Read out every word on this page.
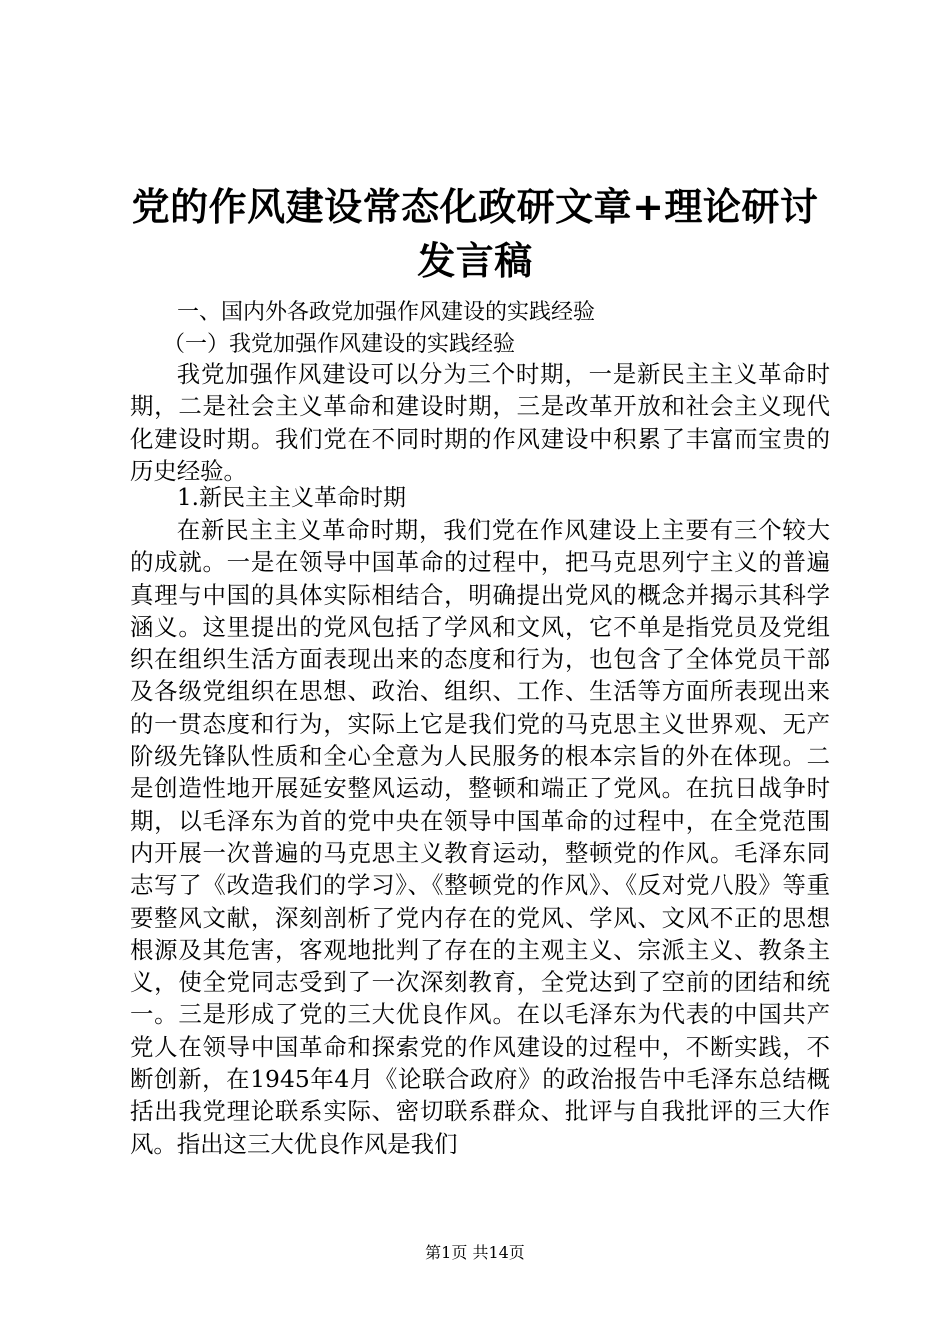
党的作风建设常态化政研文章+理论研讨发言稿
一、国内外各政党加强作风建设的实践经验
（一）我党加强作风建设的实践经验
我党加强作风建设可以分为三个时期，一是新民主主义革命时期，二是社会主义革命和建设时期，三是改革开放和社会主义现代化建设时期。我们党在不同时期的作风建设中积累了丰富而宝贵的历史经验。
1.新民主主义革命时期
在新民主主义革命时期，我们党在作风建设上主要有三个较大的成就。一是在领导中国革命的过程中，把马克思列宁主义的普遍真理与中国的具体实际相结合，明确提出党风的概念并揭示其科学涵义。这里提出的党风包括了学风和文风，它不单是指党员及党组织在组织生活方面表现出来的态度和行为，也包含了全体党员干部及各级党组织在思想、政治、组织、工作、生活等方面所表现出来的一贯态度和行为，实际上它是我们党的马克思主义世界观、无产阶级先锋队性质和全心全意为人民服务的根本宗旨的外在体现。二是创造性地开展延安整风运动，整顿和端正了党风。在抗日战争时期，以毛泽东为首的党中央在领导中国革命的过程中，在全党范围内开展一次普遍的马克思主义教育运动，整顿党的作风。毛泽东同志写了《改造我们的学习》、《整顿党的作风》、《反对党八股》等重要整风文献，深刻剖析了党内存在的党风、学风、文风不正的思想根源及其危害，客观地批判了存在的主观主义、宗派主义、教条主义，使全党同志受到了一次深刻教育，全党达到了空前的团结和统一。三是形成了党的三大优良作风。在以毛泽东为代表的中国共产党人在领导中国革命和探索党的作风建设的过程中，不断实践，不断创新，在1945年4月《论联合政府》的政治报告中毛泽东总结概括出我党理论联系实际、密切联系群众、批评与自我批评的三大作风。指出这三大优良作风是我们
第1页 共14页
